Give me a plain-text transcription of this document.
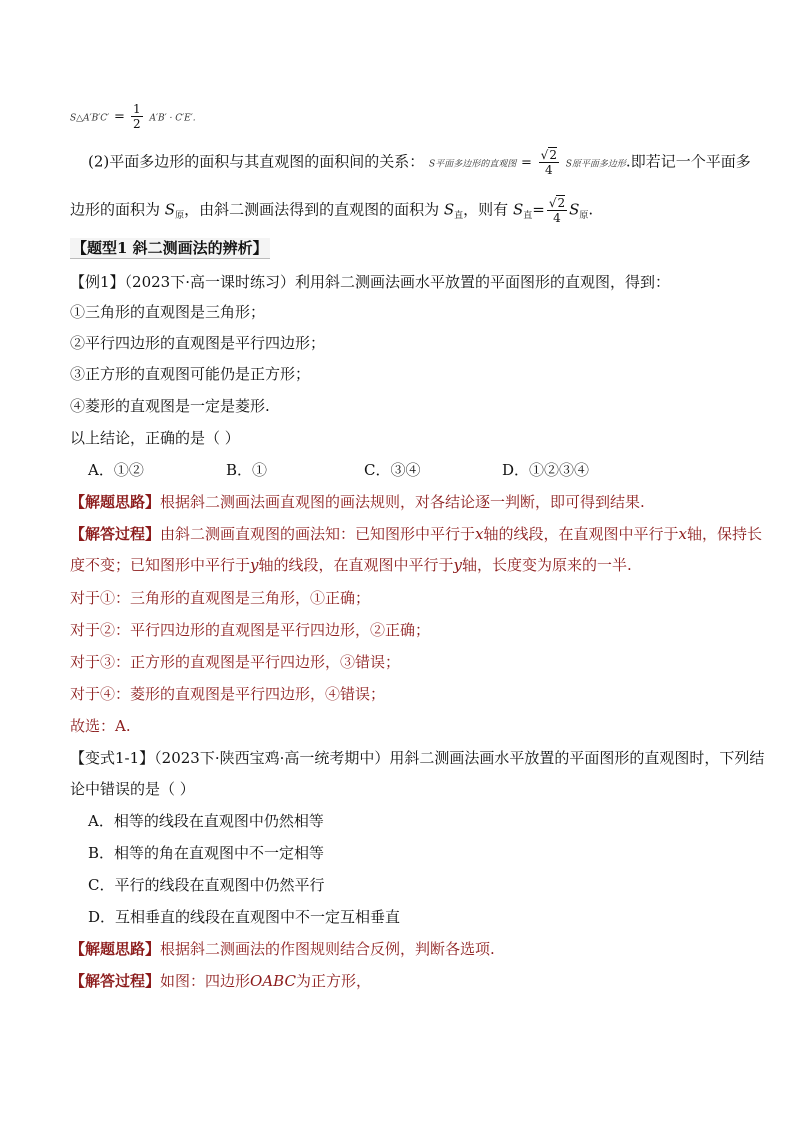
S△A′B′C′ = $\frac{1}{2} A'B' \cdot C'E'$.
(2)平面多边形的面积与其直观图的面积间的关系： S平面多边形的直观图 = $\frac{√2}{4}$ S原平面多边形.即若记一个平面多
边形的面积为 $S_原$，由斜二测画法得到的直观图的面积为 $S_直$，则有 $S_直= \frac{√2}{4} S_原$.
【题型1 斜二测画法的辨析】
【例1】（2023下·高一课时练习）利用斜二测画法画水平放置的平面图形的直观图，得到：
①三角形的直观图是三角形；
②平行四边形的直观图是平行四边形；
③正方形的直观图可能仍是正方形；
④菱形的直观图是一定是菱形.
以上结论，正确的是（ ）
A．①②	B．①	C．③④	D．①②③④
【解题思路】根据斜二测画法画直观图的画法规则，对各结论逐一判断，即可得到结果.
【解答过程】由斜二测画直观图的画法知：已知图形中平行于x轴的线段，在直观图中平行于x轴，保持长
度不变；已知图形中平行于y轴的线段，在直观图中平行于y轴，长度变为原来的一半.
对于①：三角形的直观图是三角形，①正确；
对于②：平行四边形的直观图是平行四边形，②正确；
对于③：正方形的直观图是平行四边形，③错误；
对于④：菱形的直观图是平行四边形，④错误；
故选：A.
【变式1-1】（2023下·陕西宝鸡·高一统考期中）用斜二测画法画水平放置的平面图形的直观图时，下列结
论中错误的是（ ）
A．相等的线段在直观图中仍然相等
B．相等的角在直观图中不一定相等
C．平行的线段在直观图中仍然平行
D．互相垂直的线段在直观图中不一定互相垂直
【解题思路】根据斜二测画法的作图规则结合反例，判断各选项.
【解答过程】如图：四边形OABC为正方形，
